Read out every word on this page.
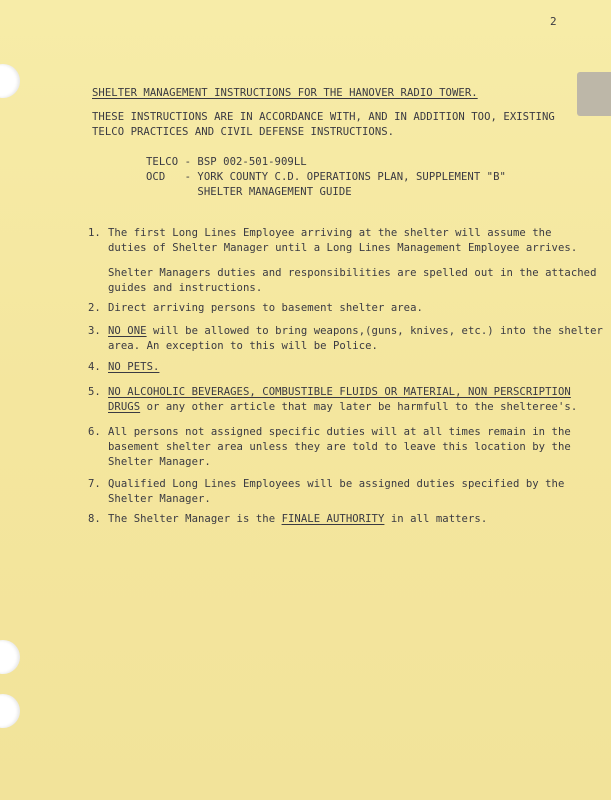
2
SHELTER MANAGEMENT INSTRUCTIONS FOR THE HANOVER RADIO TOWER.
THESE INSTRUCTIONS ARE IN ACCORDANCE WITH, AND IN ADDITION TOO, EXISTING
TELCO PRACTICES AND CIVIL DEFENSE INSTRUCTIONS.
TELCO - BSP 002-501-909LL
OCD   - YORK COUNTY C.D. OPERATIONS PLAN, SUPPLEMENT "B"
SHELTER MANAGEMENT GUIDE
1. The first Long Lines Employee arriving at the shelter will assume the
duties of Shelter Manager until a Long Lines Management Employee arrives.
Shelter Managers duties and responsibilities are spelled out in the attached
guides and instructions.
2. Direct arriving persons to basement shelter area.
3. NO ONE will be allowed to bring weapons,(guns, knives, etc.) into the shelter
area. An exception to this will be Police.
4. NO PETS.
5. NO ALCOHOLIC BEVERAGES, COMBUSTIBLE FLUIDS OR MATERIAL, NON PERSCRIPTION
DRUGS or any other article that may later be harmfull to the shelteree's.
6. All persons not assigned specific duties will at all times remain in the
basement shelter area unless they are told to leave this location by the
Shelter Manager.
7. Qualified Long Lines Employees will be assigned duties specified by the
Shelter Manager.
8. The Shelter Manager is the FINALE AUTHORITY in all matters.
